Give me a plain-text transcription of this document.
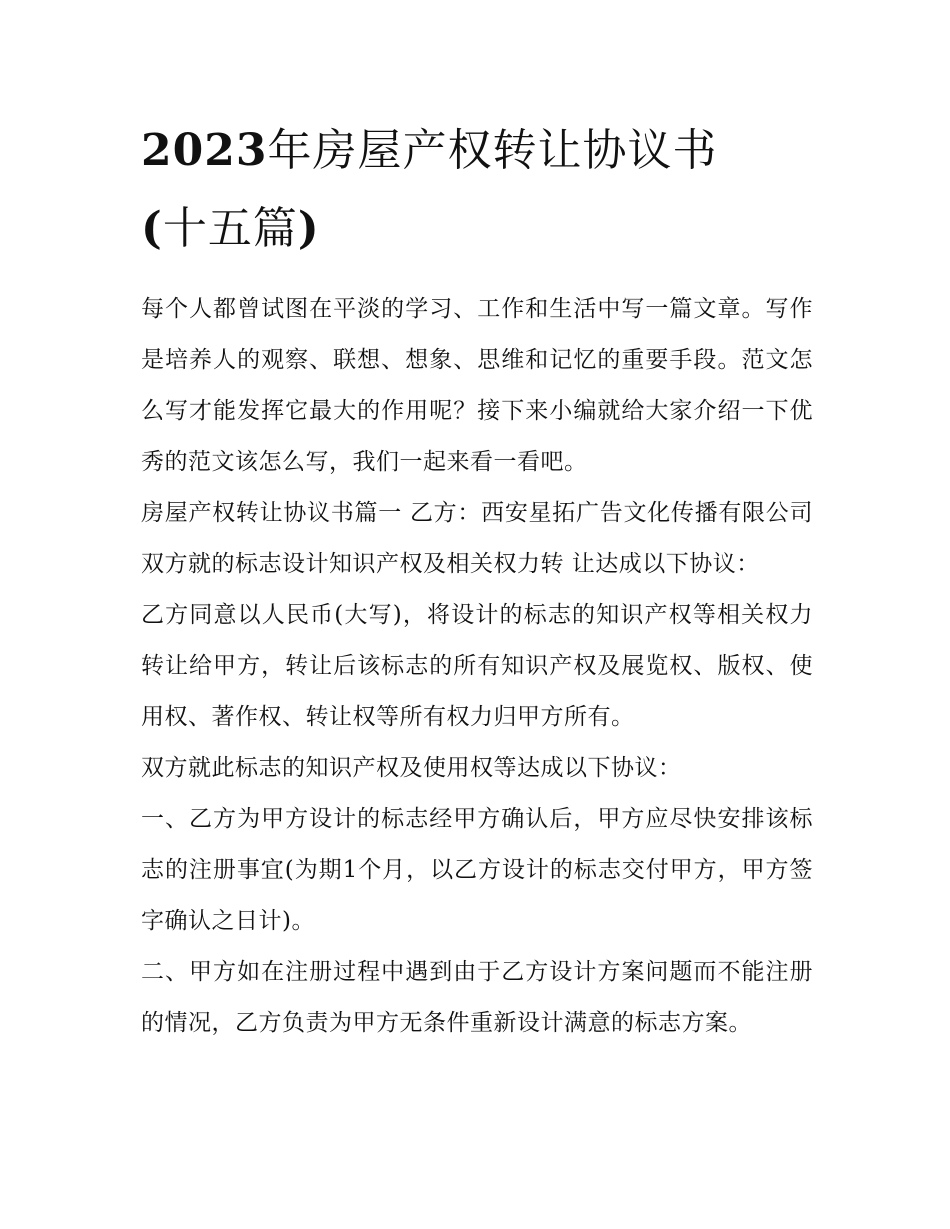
2023年房屋产权转让协议书
(十五篇)

每个人都曾试图在平淡的学习、工作和生活中写一篇文章。写作是培养人的观察、联想、想象、思维和记忆的重要手段。范文怎么写才能发挥它最大的作用呢？接下来小编就给大家介绍一下优秀的范文该怎么写，我们一起来看一看吧。

房屋产权转让协议书篇一 乙方：西安星拓广告文化传播有限公司 双方就的标志设计知识产权及相关权力转 让达成以下协议：

乙方同意以人民币(大写)，将设计的标志的知识产权等相关权力转让给甲方，转让后该标志的所有知识产权及展览权、版权、使用权、著作权、转让权等所有权力归甲方所有。

双方就此标志的知识产权及使用权等达成以下协议：

一、乙方为甲方设计的标志经甲方确认后，甲方应尽快安排该标志的注册事宜(为期1个月，以乙方设计的标志交付甲方，甲方签字确认之日计)。

二、甲方如在注册过程中遇到由于乙方设计方案问题而不能注册的情况，乙方负责为甲方无条件重新设计满意的标志方案。
